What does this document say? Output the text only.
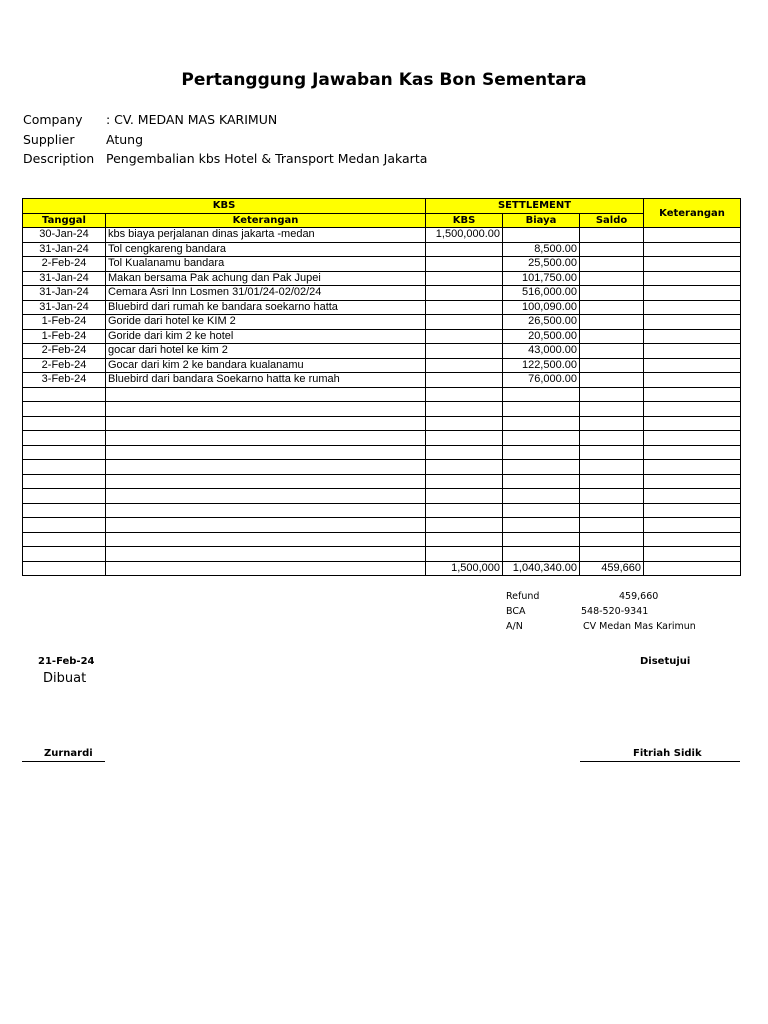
Pertanggung Jawaban Kas Bon Sementara
Company : CV. MEDAN MAS KARIMUN
Supplier	Atung
Description Pengembalian kbs Hotel & Transport Medan Jakarta
KBS		SETTLEMENT			Keterangan
Tanggal	Keterangan	KBS	Biaya	Saldo	
30-Jan-24	kbs biaya perjalanan dinas jakarta -medan	1,500,000.00			
31-Jan-24	Tol cengkareng bandara		8,500.00		
2-Feb-24	Tol Kualanamu bandara		25,500.00		
31-Jan-24	Makan bersama Pak achung dan Pak Jupei		101,750.00		
31-Jan-24	Cemara Asri Inn Losmen 31/01/24-02/02/24		516,000.00		
31-Jan-24	Bluebird dari rumah ke bandara soekarno hatta		100,090.00		
1-Feb-24	Goride dari hotel ke KIM 2		26,500.00		
1-Feb-24	Goride dari kim 2 ke hotel		20,500.00		
2-Feb-24	gocar dari hotel ke kim 2		43,000.00		
2-Feb-24	Gocar dari kim 2 ke bandara kualanamu		122,500.00		
3-Feb-24	Bluebird dari bandara Soekarno hatta ke rumah		76,000.00		

		1,500,000	1,040,340.00	459,660	
Refund	459,660
BCA	548-520-9341
A/N	CV Medan Mas Karimun
21-Feb-24
Dibuat
Disetujui
Zurnardi	Fitriah Sidik
